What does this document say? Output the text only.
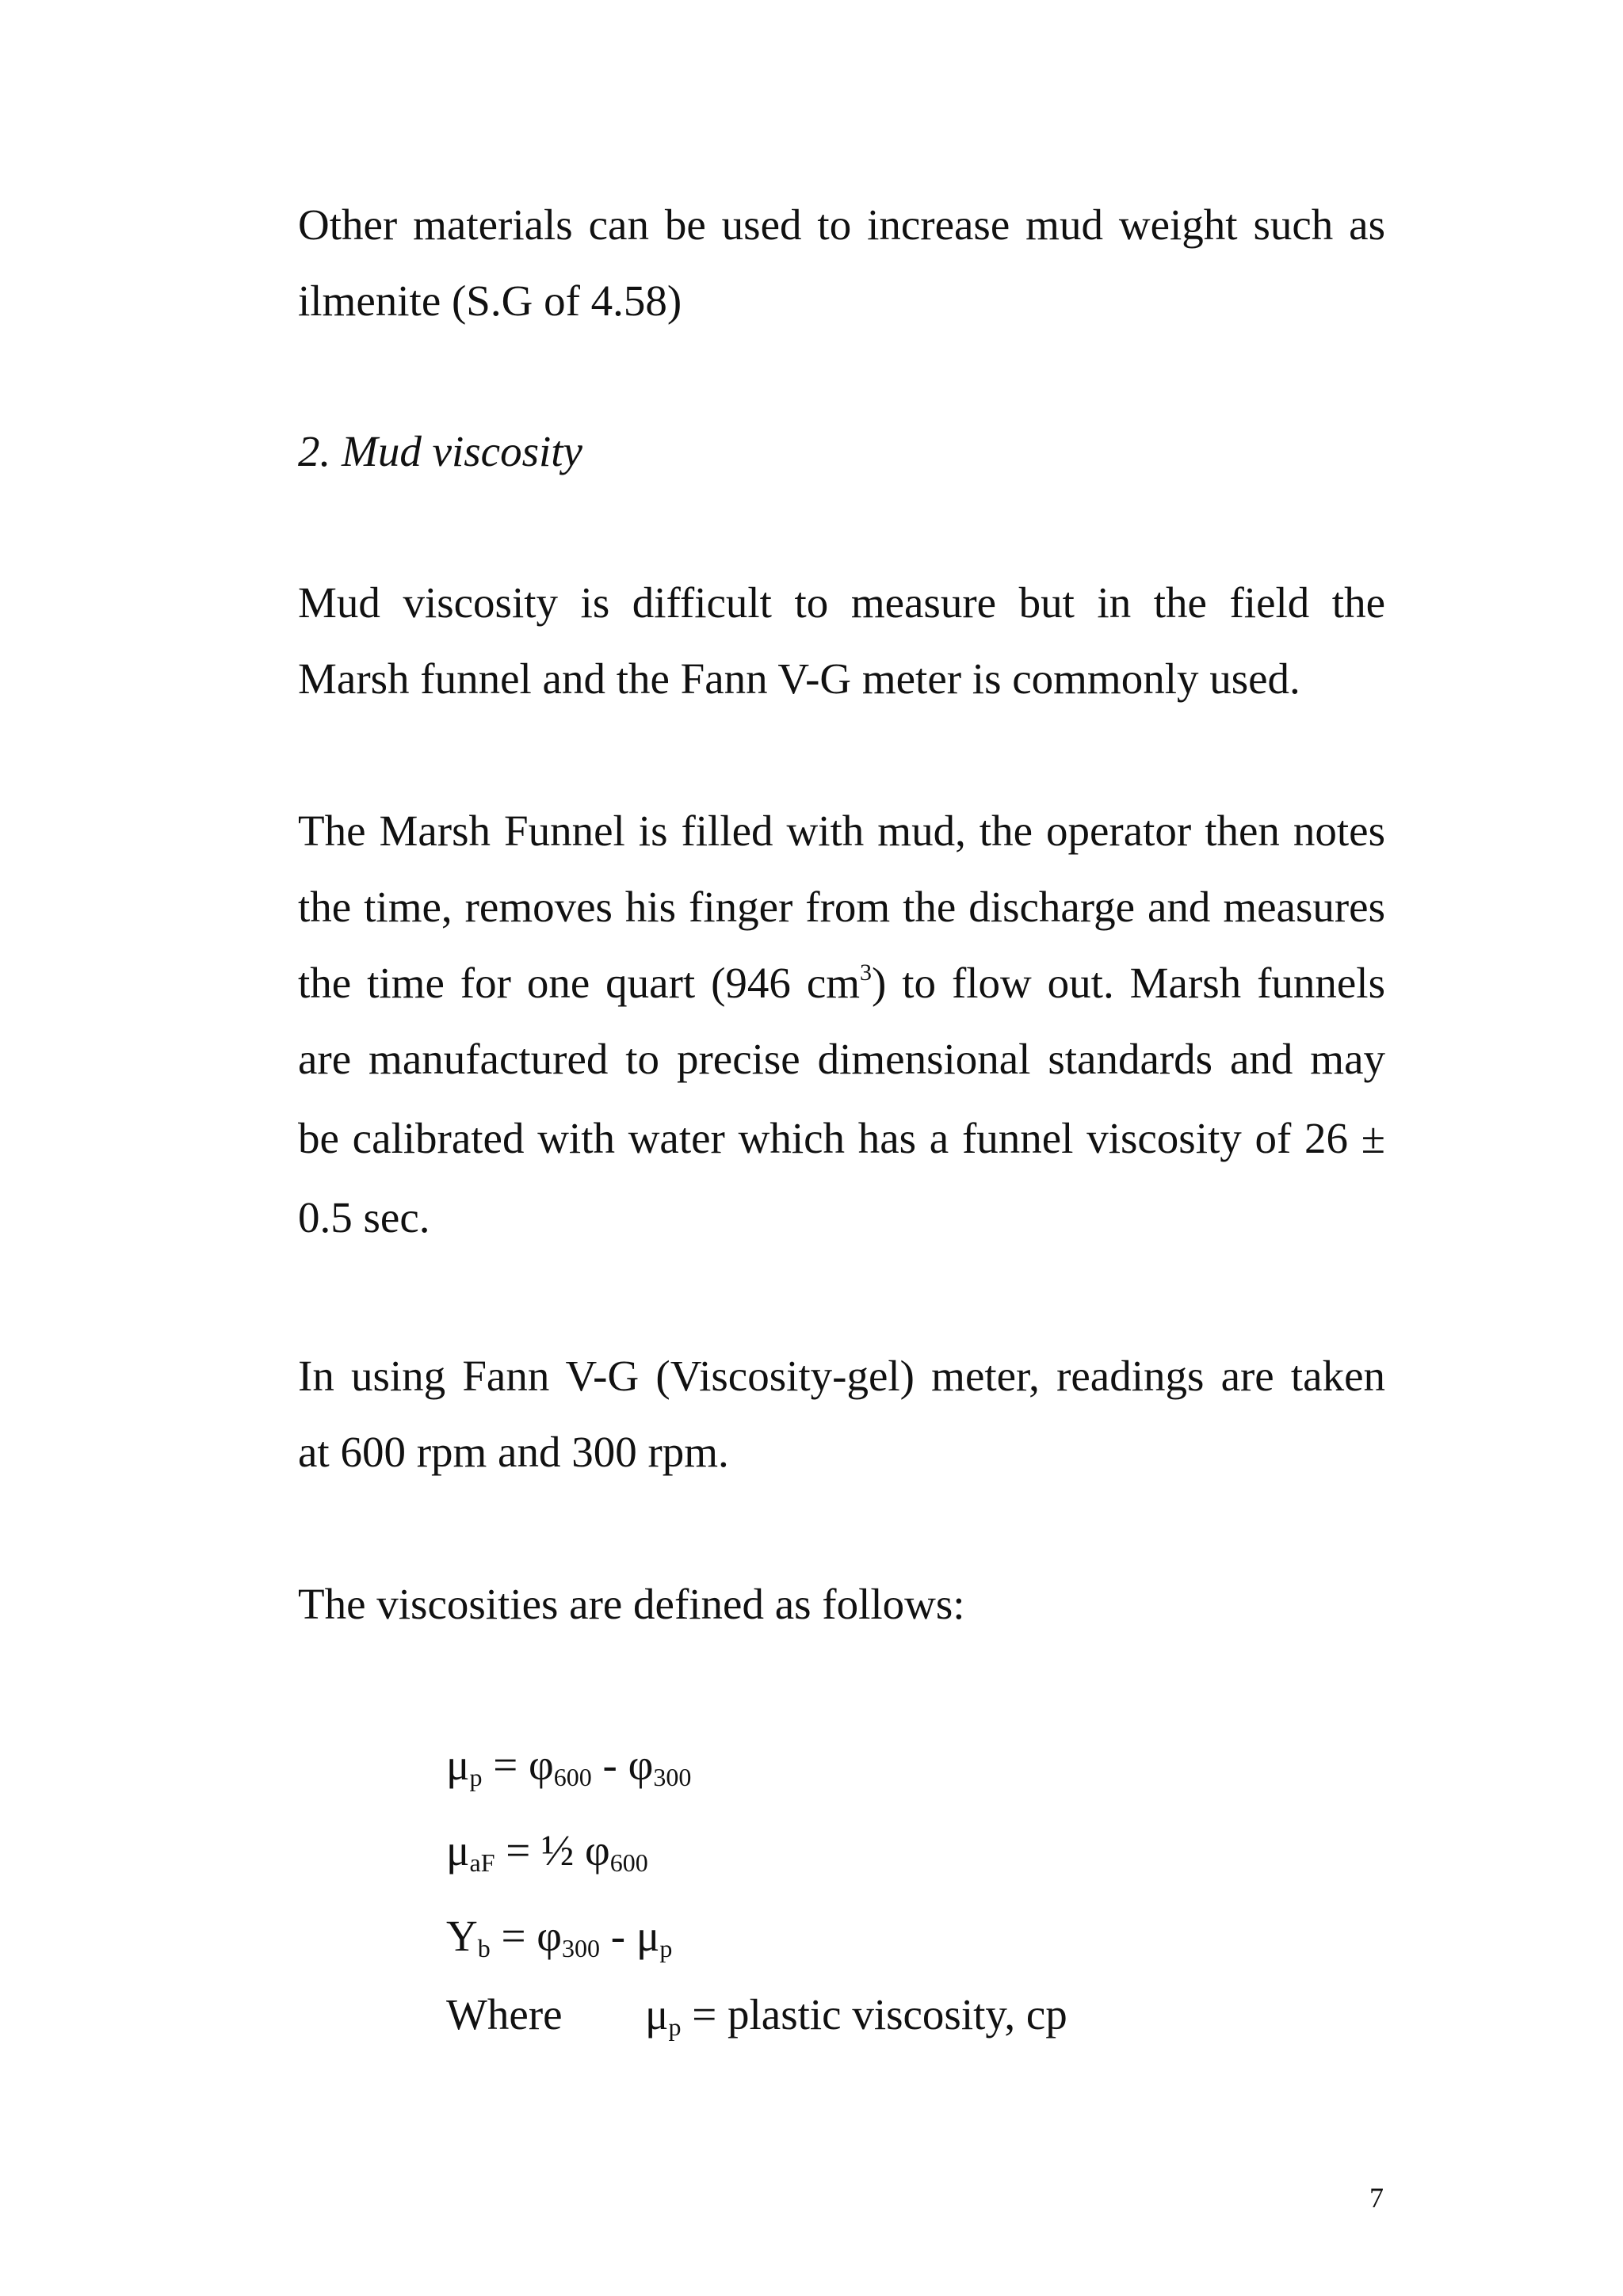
Other materials can be used to increase mud weight such as
ilmenite (S.G of 4.58)

2. Mud viscosity

Mud viscosity is difficult to measure but in the field the
Marsh funnel and the Fann V-G meter is commonly used.
The Marsh Funnel is filled with mud, the operator then notes
the time, removes his finger from the discharge and measures
the time for one quart (946 $cm^3$) to flow out. Marsh funnels
are manufactured to precise dimensional standards and may
be calibrated with water which has a funnel viscosity of 26 ±
0.5 sec.
In using Fann V-G (Viscosity-gel) meter, readings are taken
at 600 rpm and 300 rpm.
The viscosities are defined as follows:
$\mu_p = \varphi_{600} - \varphi_{300}$
$\mu_{aF}$ = ½ $\varphi_{600}$
$Y_b = \varphi_{300} - \mu_p$
Where $\mu_p$ = plastic viscosity, cp
7
